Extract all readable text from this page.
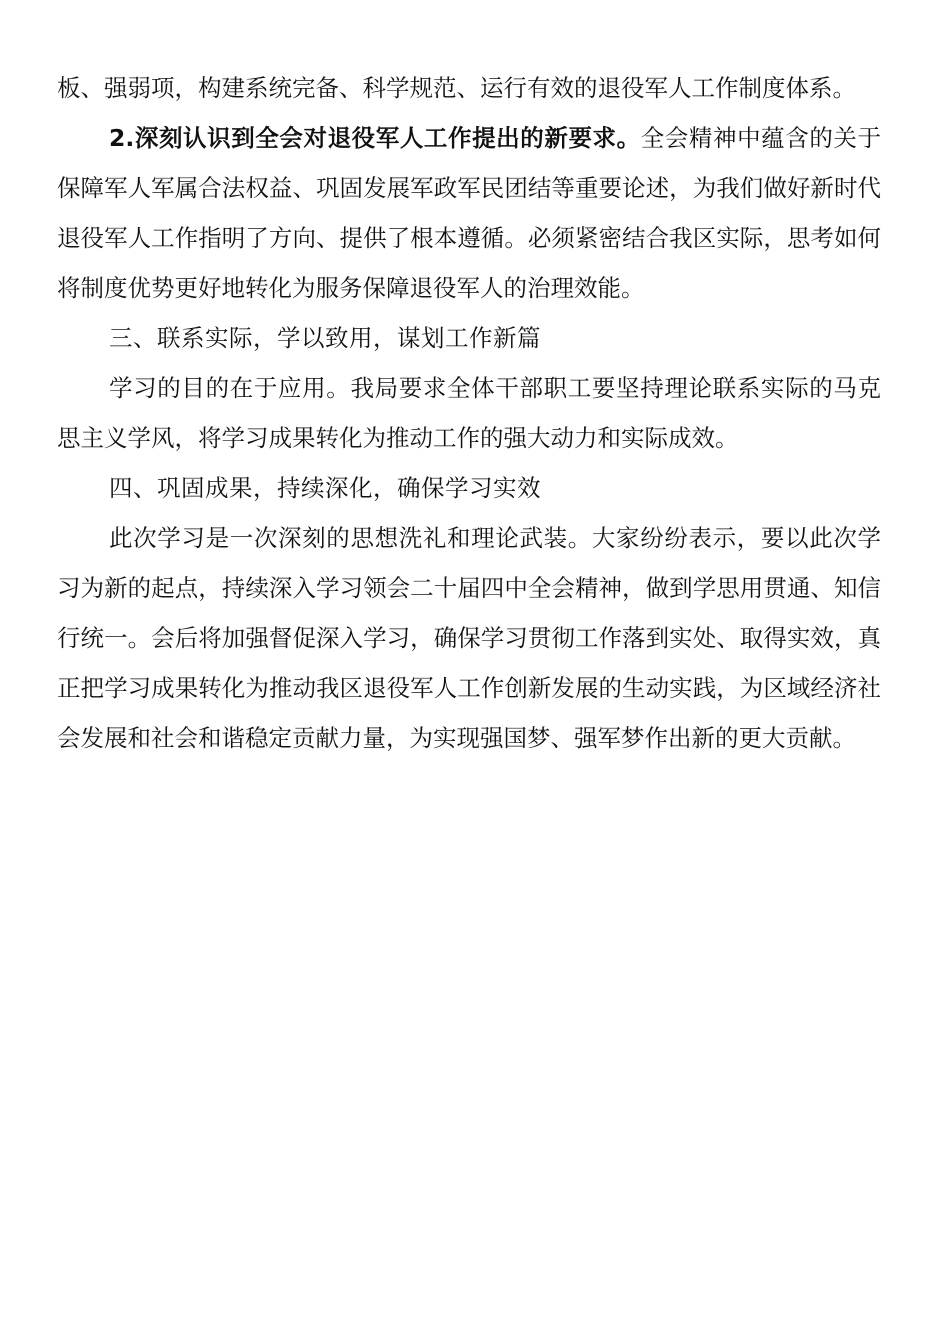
板、强弱项，构建系统完备、科学规范、运行有效的退役军人工作制度体系。

2.深刻认识到全会对退役军人工作提出的新要求。全会精神中蕴含的关于保障军人军属合法权益、巩固发展军政军民团结等重要论述，为我们做好新时代退役军人工作指明了方向、提供了根本遵循。必须紧密结合我区实际，思考如何将制度优势更好地转化为服务保障退役军人的治理效能。

三、联系实际，学以致用，谋划工作新篇

学习的目的在于应用。我局要求全体干部职工要坚持理论联系实际的马克思主义学风，将学习成果转化为推动工作的强大动力和实际成效。

四、巩固成果，持续深化，确保学习实效

此次学习是一次深刻的思想洗礼和理论武装。大家纷纷表示，要以此次学习为新的起点，持续深入学习领会二十届四中全会精神，做到学思用贯通、知信行统一。会后将加强督促深入学习，确保学习贯彻工作落到实处、取得实效，真正把学习成果转化为推动我区退役军人工作创新发展的生动实践，为区域经济社会发展和社会和谐稳定贡献力量，为实现强国梦、强军梦作出新的更大贡献。
